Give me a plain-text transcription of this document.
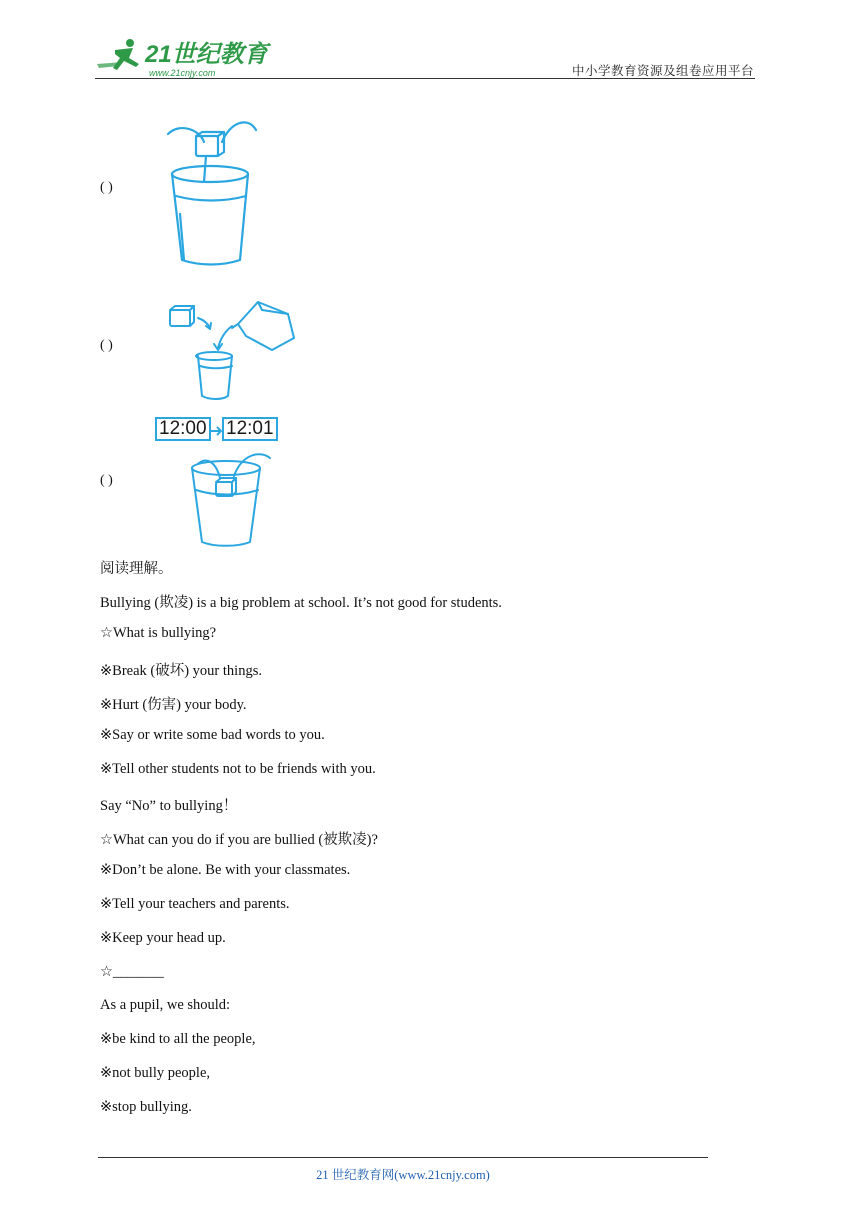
21世纪教育
www.21cnjy.com	中小学教育资源及组卷应用平台
( )
( )
12:00 12:01
( )
阅读理解。
Bullying (欺凌) is a big problem at school. It’s not good for students.
☆What is bullying?
※Break (破坏) your things.
※Hurt (伤害) your body.
※Say or write some bad words to you.
※Tell other students not to be friends with you.
Say “No” to bullying！
☆What can you do if you are bullied (被欺凌)?
※Don’t be alone. Be with your classmates.
※Tell your teachers and parents.
※Keep your head up.
☆_______
As a pupil, we should:
※be kind to all the people,
※not bully people,
※stop bullying.
21 世纪教育网(www.21cnjy.com)
